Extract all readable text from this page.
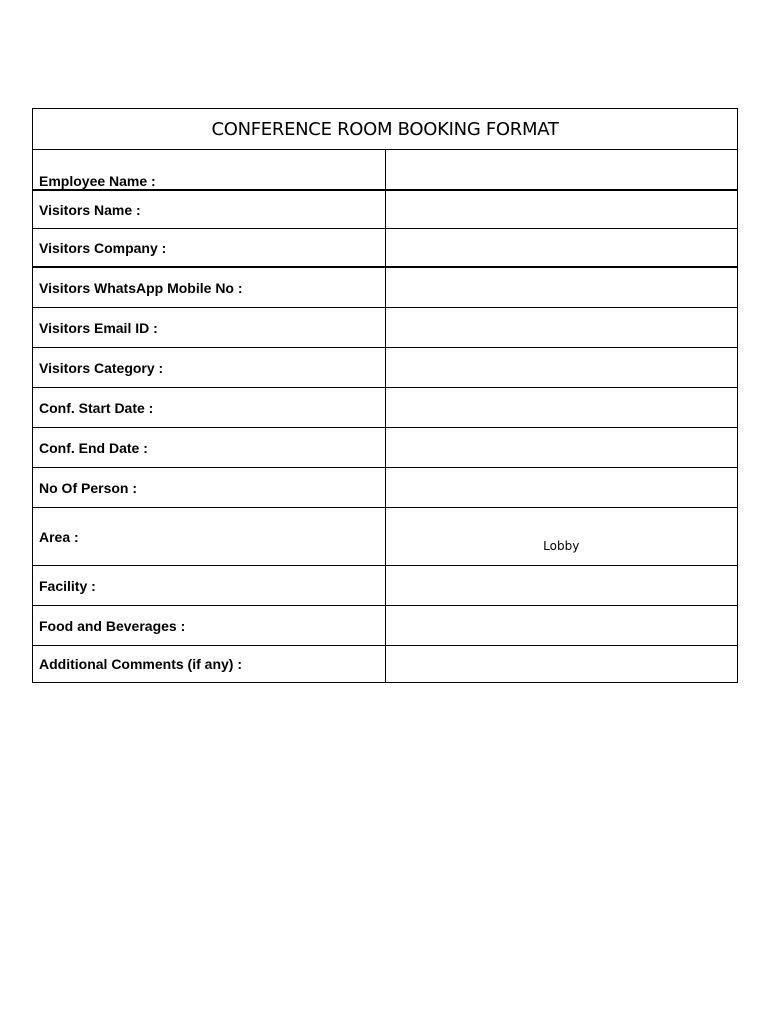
CONFERENCE ROOM BOOKING FORMAT	
Employee Name :	
Visitors Name :	
Visitors Company :	
Visitors WhatsApp Mobile No :	
Visitors Email ID :	
Visitors Category :	
Conf. Start Date :	
Conf. End Date :	
No Of Person :	
Area :	Lobby
Facility :	
Food and Beverages :	
Additional Comments (if any) :	
